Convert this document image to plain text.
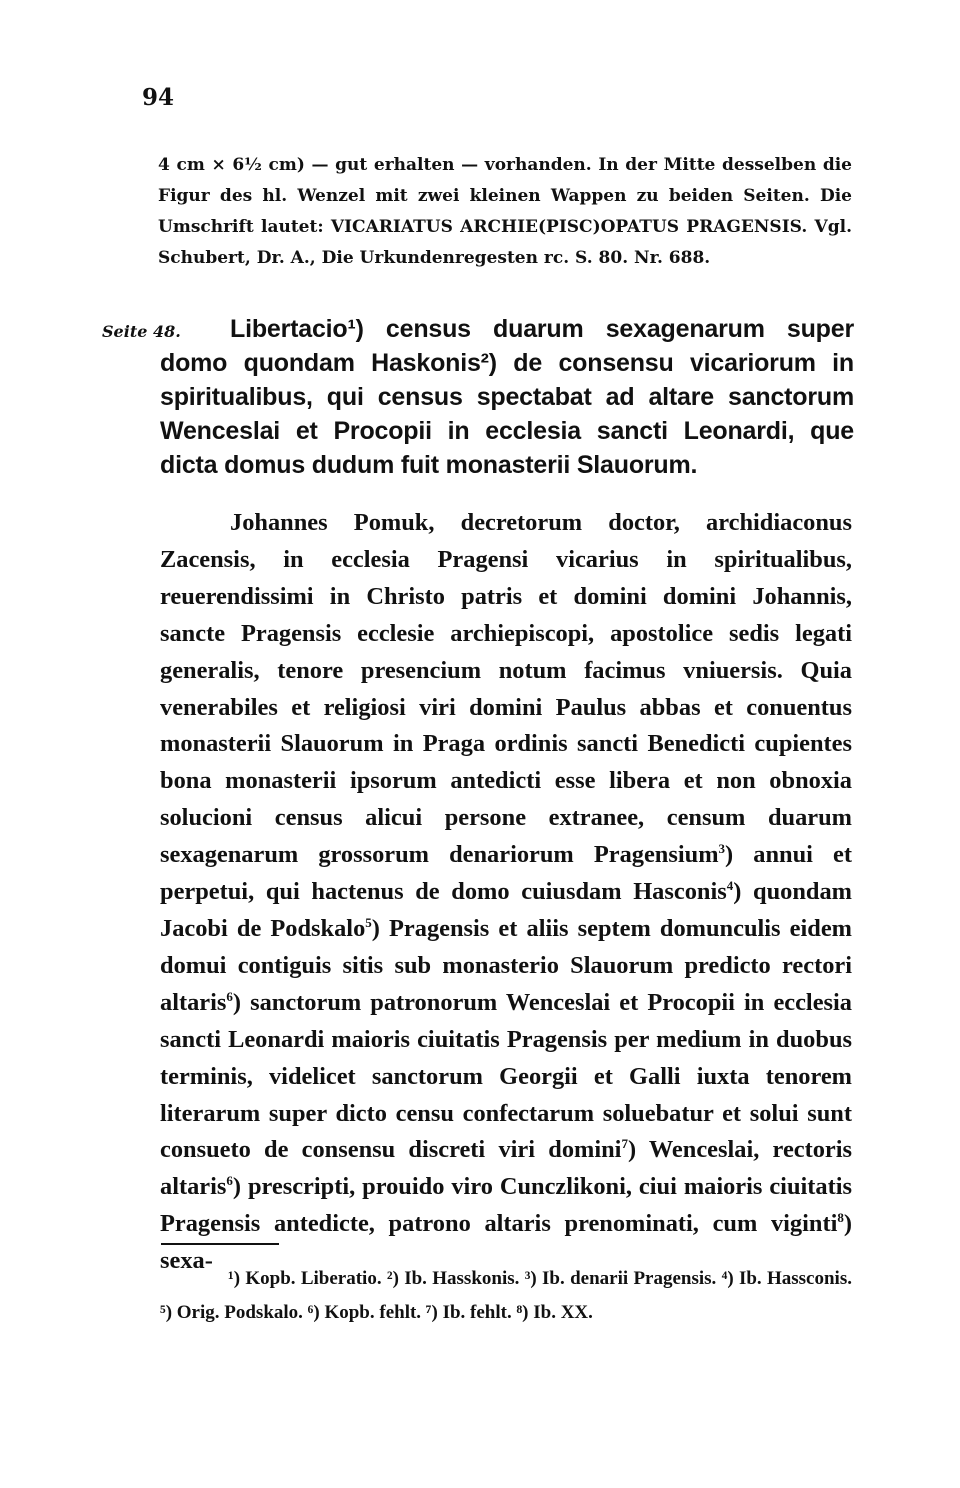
94
4 cm × 6½ cm) — gut erhalten — vorhanden. In der Mitte desselben die Figur des hl. Wenzel mit zwei kleinen Wappen zu beiden Seiten. Die Umschrift lautet: VICARIATUS ARCHIE(PISC)OPATUS PRAGENSIS. Vgl. Schubert, Dr. A., Die Urkundenregesten rc. S. 80. Nr. 688.
Seite 48.	Libertacio¹) census duarum sexagenarum super domo quondam Haskonis²) de consensu vicariorum in spiritualibus, qui census spectabat ad altare sanctorum Wenceslai et Procopii in ecclesia sancti Leonardi, que dicta domus dudum fuit monasterii Slauorum.
Johannes Pomuk, decretorum doctor, archidiaconus Zacensis, in ecclesia Pragensi vicarius in spiritualibus, reuerendissimi in Christo patris et domini domini Johannis, sancte Pragensis ecclesie archiepiscopi, apostolice sedis legati generalis, tenore presencium notum facimus vniuersis. Quia venerabiles et religiosi viri domini Paulus abbas et conuentus monasterii Slauorum in Praga ordinis sancti Benedicti cupientes bona monasterii ipsorum antedicti esse libera et non obnoxia solucioni census alicui persone extranee, censum duarum sexagenarum grossorum denariorum Pragensium$^3$) annui et perpetui, qui hactenus de domo cuiusdam Hasconis$^4$) quondam Jacobi de Podskalo$^5$) Pragensis et aliis septem domunculis eidem domui contiguis sitis sub monasterio Slauorum predicto rectori altaris$^6$) sanctorum patronorum Wenceslai et Procopii in ecclesia sancti Leonardi maioris ciuitatis Pragensis per medium in duobus terminis, videlicet sanctorum Georgii et Galli iuxta tenorem literarum super dicto censu confectarum soluebatur et solui sunt consueto de consensu discreti viri domini$^7$) Wenceslai, rectoris altaris$^6$) prescripti, prouido viro Cunczlikoni, ciui maioris ciuitatis Pragensis antedicte, patrono altaris prenominati, cum viginti$^8$) sexa-
¹) Kopb. Liberatio. ²) Ib. Hasskonis. ³) Ib. denarii Pragensis. ⁴) Ib. Hassconis. ⁵) Orig. Podskalo. ⁶) Kopb. fehlt. ⁷) Ib. fehlt. ⁸) Ib. XX.
